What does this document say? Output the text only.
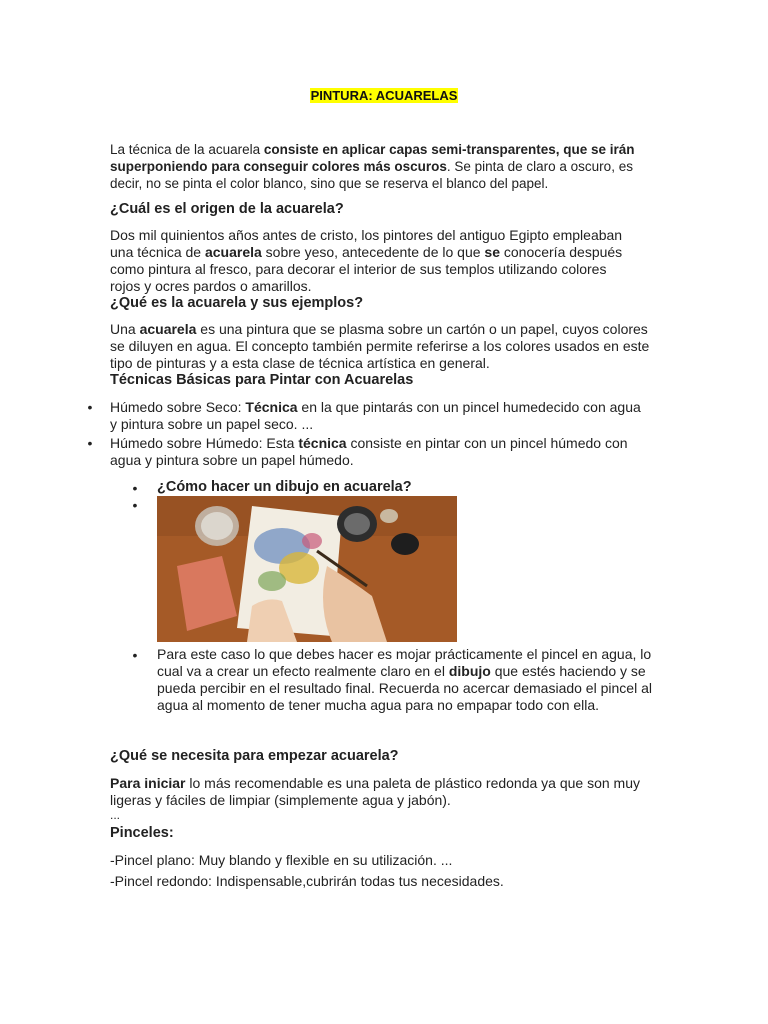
PINTURA: ACUARELAS
La técnica de la acuarela consiste en aplicar capas semi-transparentes, que se irán superponiendo para conseguir colores más oscuros. Se pinta de claro a oscuro, es decir, no se pinta el color blanco, sino que se reserva el blanco del papel.
¿Cuál es el origen de la acuarela?
Dos mil quinientos años antes de cristo, los pintores del antiguo Egipto empleaban una técnica de acuarela sobre yeso, antecedente de lo que se conocería después como pintura al fresco, para decorar el interior de sus templos utilizando colores rojos y ocres pardos o amarillos.
¿Qué es la acuarela y sus ejemplos?
Una acuarela es una pintura que se plasma sobre un cartón o un papel, cuyos colores se diluyen en agua. El concepto también permite referirse a los colores usados en este tipo de pinturas y a esta clase de técnica artística en general.
Técnicas Básicas para Pintar con Acuarelas
• Húmedo sobre Seco: Técnica en la que pintarás con un pincel humedecido con agua y pintura sobre un papel seco. ...
• Húmedo sobre Húmedo: Esta técnica consiste en pintar con un pincel húmedo con agua y pintura sobre un papel húmedo.
• ¿Cómo hacer un dibujo en acuarela?
•
• Para este caso lo que debes hacer es mojar prácticamente el pincel en agua, lo cual va a crear un efecto realmente claro en el dibujo que estés haciendo y se pueda percibir en el resultado final. Recuerda no acercar demasiado el pincel al agua al momento de tener mucha agua para no empapar todo con ella.
¿Qué se necesita para empezar acuarela?
Para iniciar lo más recomendable es una paleta de plástico redonda ya que son muy ligeras y fáciles de limpiar (simplemente agua y jabón).
...
Pinceles:
-Pincel plano: Muy blando y flexible en su utilización. ...
-Pincel redondo: Indispensable,cubrirán todas tus necesidades.
